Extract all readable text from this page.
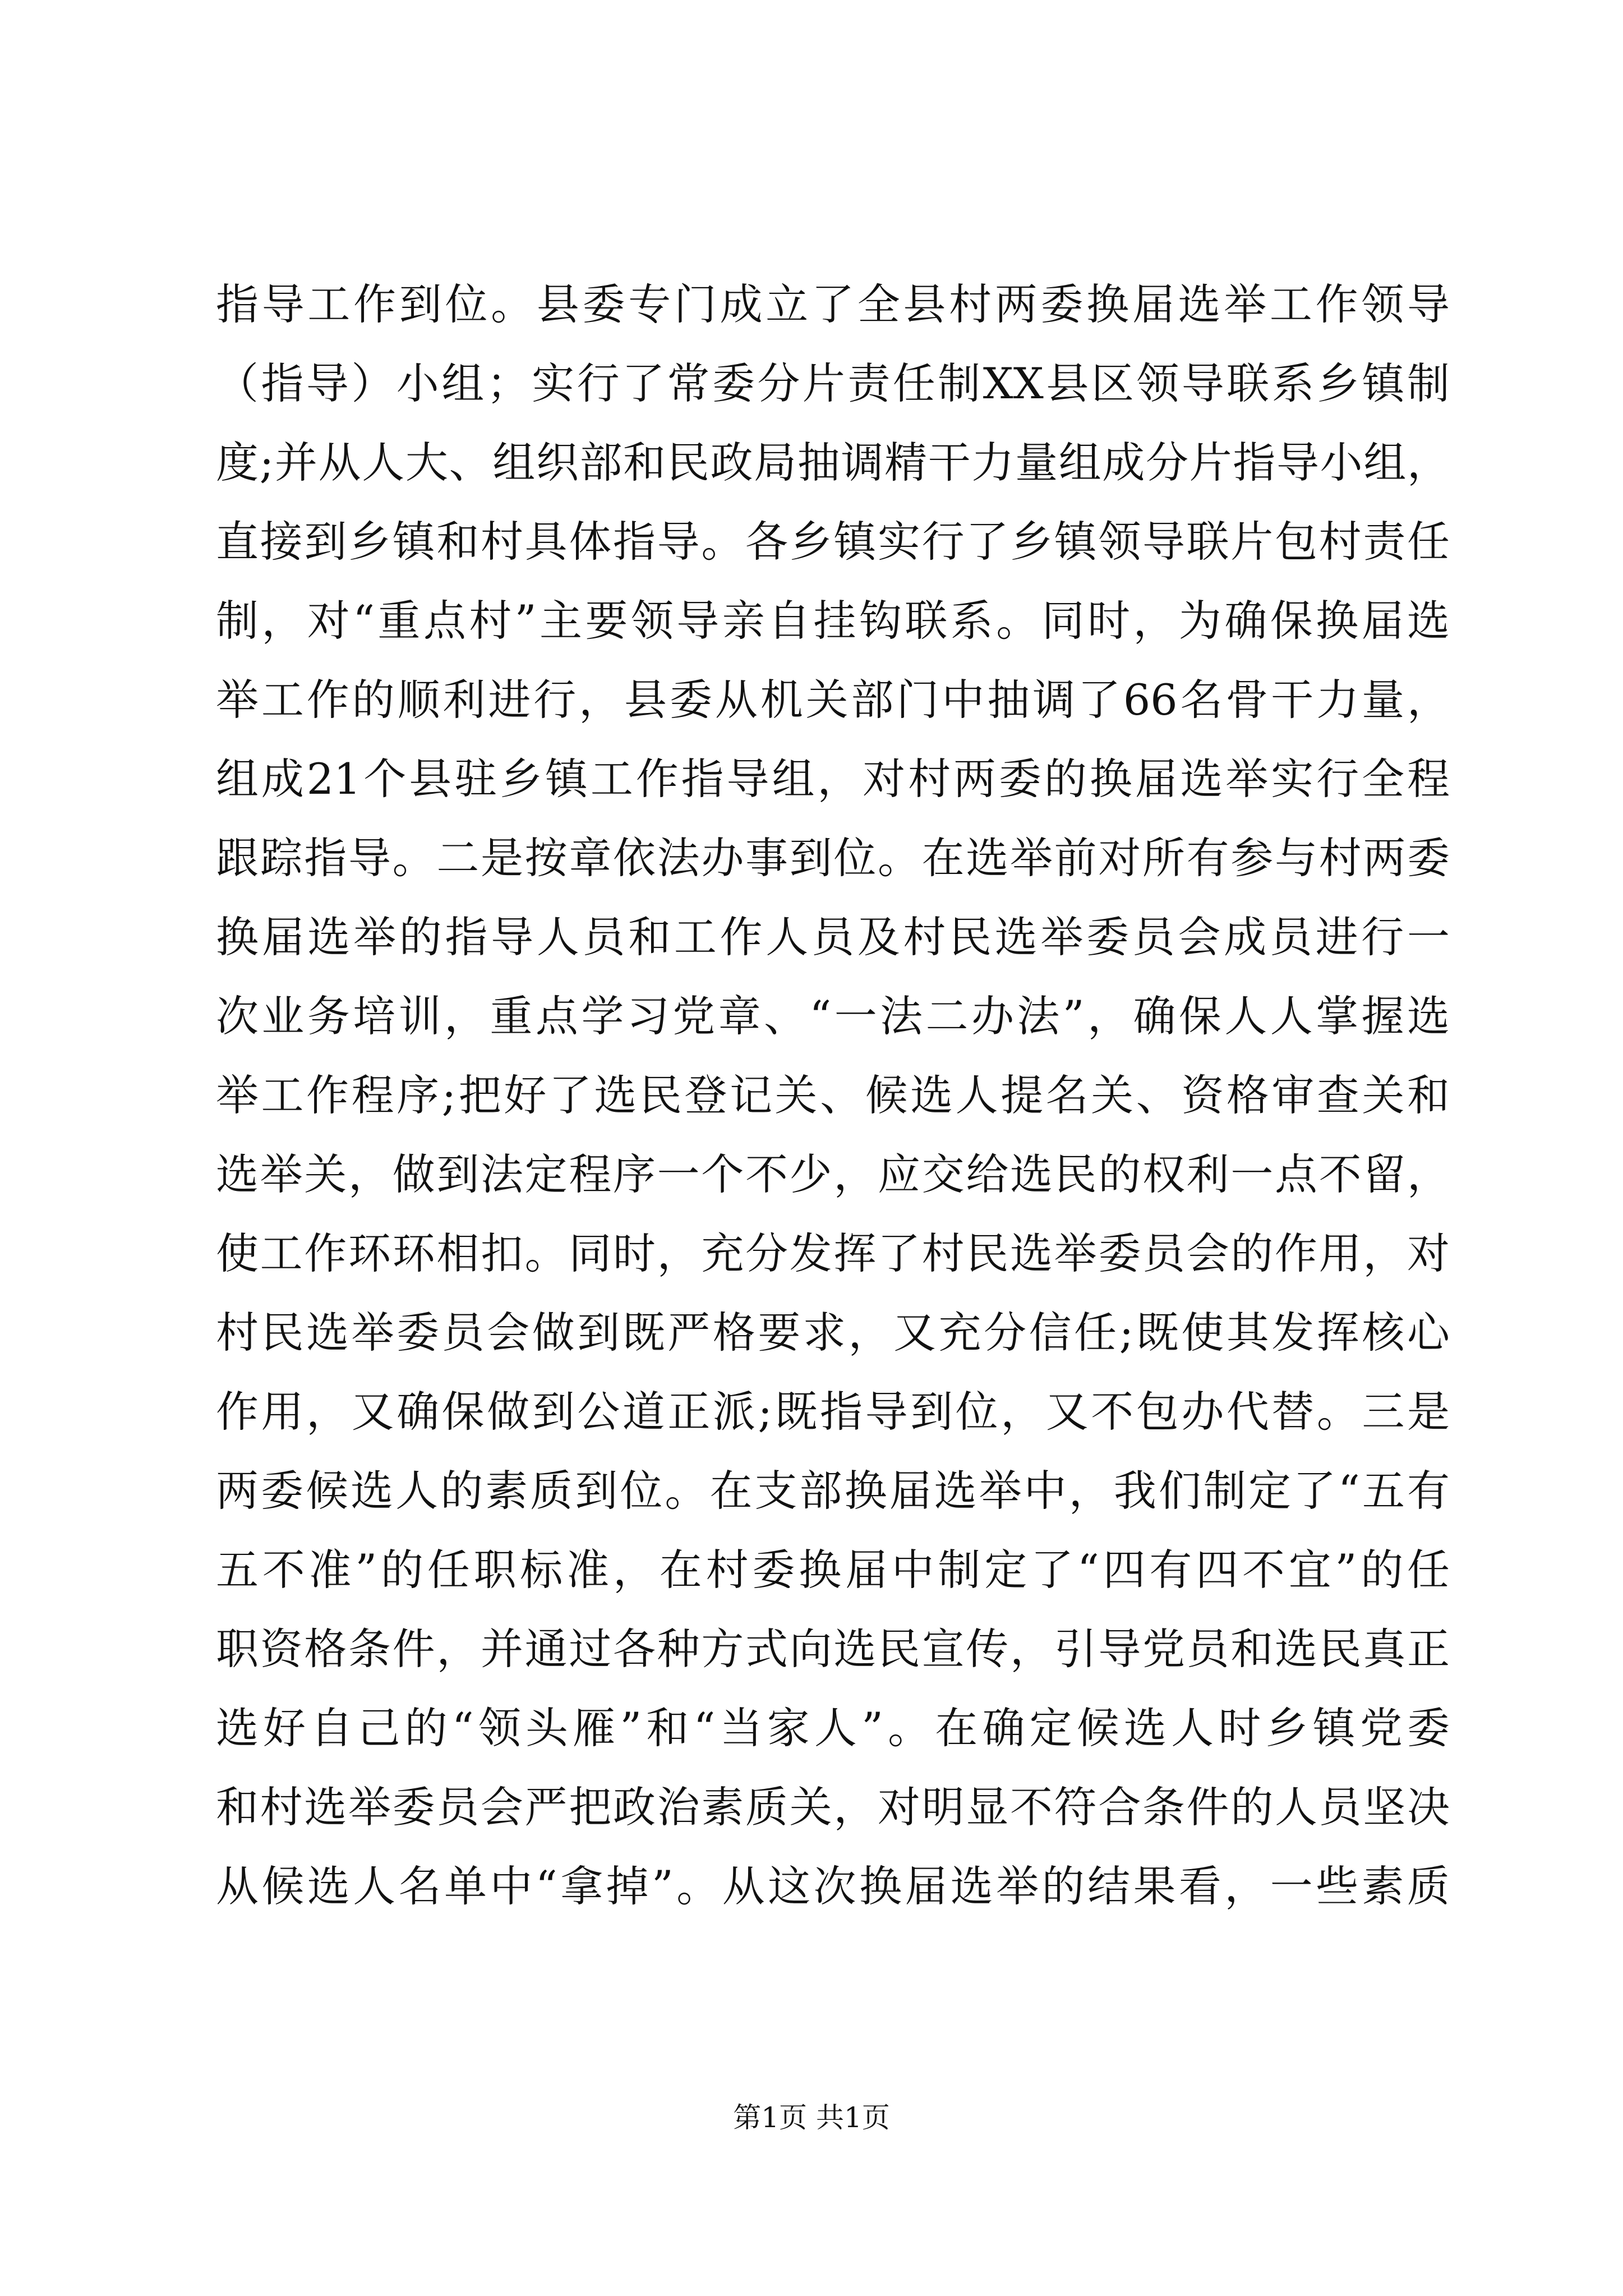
指导工作到位。县委专门成立了全县村两委换届选举工作领导
（指导）小组；实行了常委分片责任制XX县区领导联系乡镇制
度;并从人大、组织部和民政局抽调精干力量组成分片指导小组，
直接到乡镇和村具体指导。各乡镇实行了乡镇领导联片包村责任
制，对“重点村”主要领导亲自挂钩联系。同时，为确保换届选
举工作的顺利进行，县委从机关部门中抽调了66名骨干力量，
组成21个县驻乡镇工作指导组，对村两委的换届选举实行全程
跟踪指导。二是按章依法办事到位。在选举前对所有参与村两委
换届选举的指导人员和工作人员及村民选举委员会成员进行一
次业务培训，重点学习党章、“一法二办法”，确保人人掌握选
举工作程序;把好了选民登记关、候选人提名关、资格审查关和
选举关，做到法定程序一个不少，应交给选民的权利一点不留，
使工作环环相扣。同时，充分发挥了村民选举委员会的作用，对
村民选举委员会做到既严格要求，又充分信任;既使其发挥核心
作用，又确保做到公道正派;既指导到位，又不包办代替。三是
两委候选人的素质到位。在支部换届选举中，我们制定了“五有
五不准”的任职标准，在村委换届中制定了“四有四不宜”的任
职资格条件，并通过各种方式向选民宣传，引导党员和选民真正
选好自己的“领头雁”和“当家人”。在确定候选人时乡镇党委
和村选举委员会严把政治素质关，对明显不符合条件的人员坚决
从候选人名单中“拿掉”。从这次换届选举的结果看，一些素质
第1页 共1页
